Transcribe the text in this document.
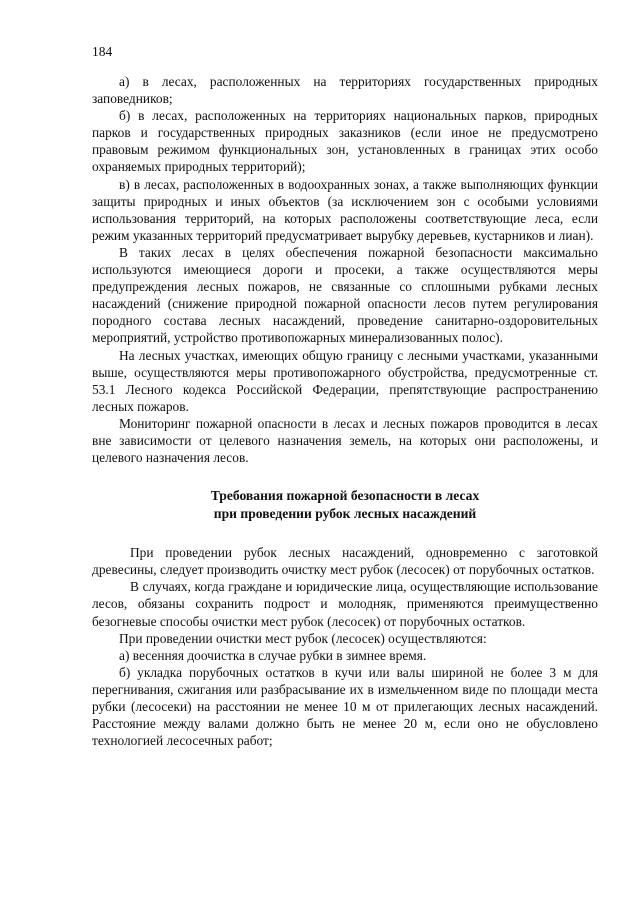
184

а) в лесах, расположенных на территориях государственных природных заповедников;

б) в лесах, расположенных на территориях национальных парков, природных парков и государственных природных заказников (если иное не предусмотрено правовым режимом функциональных зон, установленных в границах этих особо охраняемых природных территорий);

в) в лесах, расположенных в водоохранных зонах, а также выполняющих функции защиты природных и иных объектов (за исключением зон с особыми условиями использования территорий, на которых расположены соответствующие леса, если режим указанных территорий предусматривает вырубку деревьев, кустарников и лиан).

В таких лесах в целях обеспечения пожарной безопасности максимально используются имеющиеся дороги и просеки, а также осуществляются меры предупреждения лесных пожаров, не связанные со сплошными рубками лесных насаждений (снижение природной пожарной опасности лесов путем регулирования породного состава лесных насаждений, проведение санитарно-оздоровительных мероприятий, устройство противопожарных минерализованных полос).

На лесных участках, имеющих общую границу с лесными участками, указанными выше, осуществляются меры противопожарного обустройства, предусмотренные ст. 53.1 Лесного кодекса Российской Федерации, препятствующие распространению лесных пожаров.

Мониторинг пожарной опасности в лесах и лесных пожаров проводится в лесах вне зависимости от целевого назначения земель, на которых они расположены, и целевого назначения лесов.

Требования пожарной безопасности в лесах
при проведении рубок лесных насаждений

При проведении рубок лесных насаждений, одновременно с заготовкой древесины, следует производить очистку мест рубок (лесосек) от порубочных остатков.

В случаях, когда граждане и юридические лица, осуществляющие использование лесов, обязаны сохранить подрост и молодняк, применяются преимущественно безогневые способы очистки мест рубок (лесосек) от порубочных остатков.

При проведении очистки мест рубок (лесосек) осуществляются:

а) весенняя доочистка в случае рубки в зимнее время.

б) укладка порубочных остатков в кучи или валы шириной не более 3 м для перегнивания, сжигания или разбрасывание их в измельченном виде по площади места рубки (лесосеки) на расстоянии не менее 10 м от прилегающих лесных насаждений. Расстояние между валами должно быть не менее 20 м, если оно не обусловлено технологией лесосечных работ;
